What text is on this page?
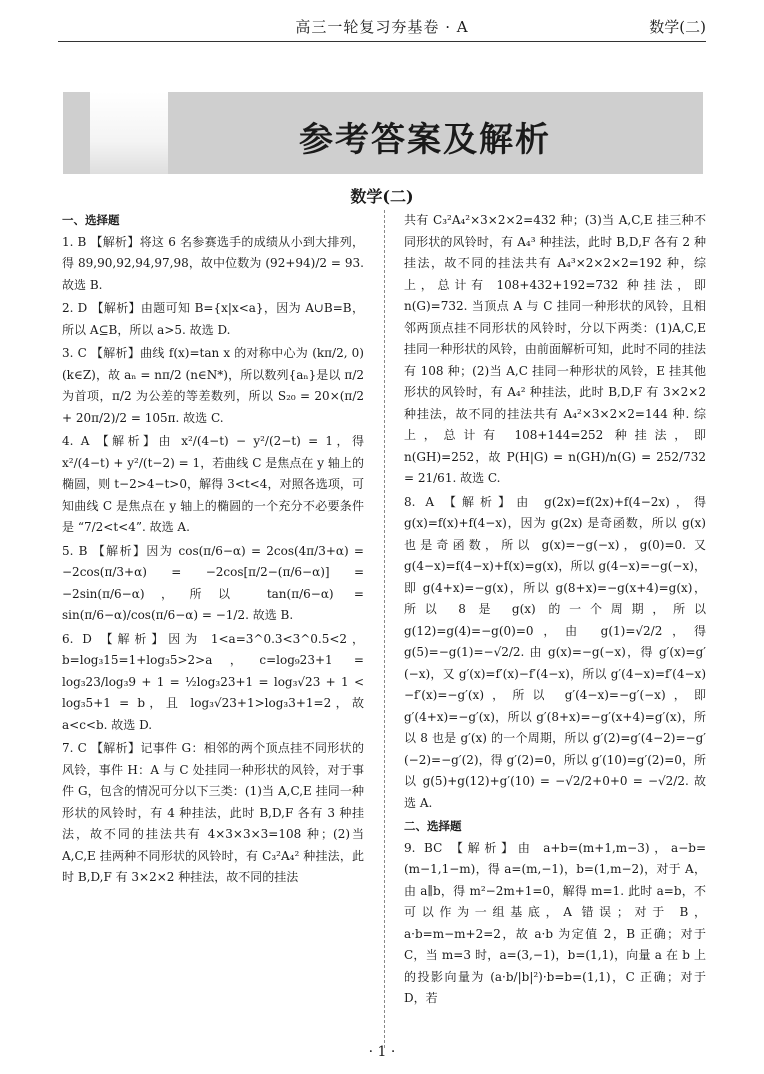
高三一轮复习夯基卷 · A	数学(二)
参考答案及解析
数学(二)

一、选择题

1. B 【解析】将这 6 名参赛选手的成绩从小到大排列，得 89,90,92,94,97,98，故中位数为 (92+94)/2 = 93. 故选 B.

2. D 【解析】由题可知 B={x|x<a}，因为 A∪B=B，所以 A⊆B，所以 a>5. 故选 D.

3. C 【解析】曲线 f(x)=tan x 的对称中心为 (kπ/2, 0)(k∈Z)，故 aₙ = nπ/2 (n∈N*)，所以数列{aₙ}是以 π/2 为首项，π/2 为公差的等差数列，所以 S₂₀ = 20×(π/2 + 20π/2)/2 = 105π. 故选 C.

4. A 【解析】由 x²/(4−t) − y²/(2−t) = 1，得 x²/(4−t) + y²/(t−2) = 1，若曲线 C 是焦点在 y 轴上的椭圆，则 t−2>4−t>0，解得 3<t<4，对照各选项，可知曲线 C 是焦点在 y 轴上的椭圆的一个充分不必要条件是 “7/2<t<4”. 故选 A.

5. B 【解析】因为 cos(π/6−α) = 2cos(4π/3+α) = −2cos(π/3+α) = −2cos[π/2−(π/6−α)] = −2sin(π/6−α)，所以 tan(π/6−α) = sin(π/6−α)/cos(π/6−α) = −1/2. 故选 B.

6. D 【解析】因为 1<a=3^0.3<3^0.5<2，b=log₃15=1+log₃5>2>a，c=log₉23+1 = log₃23/log₃9 + 1 = ½log₃23+1 = log₃√23 + 1 < log₃5+1 = b，且 log₃√23+1>log₃3+1=2，故 a<c<b. 故选 D.

7. C 【解析】记事件 G：相邻的两个顶点挂不同形状的风铃，事件 H：A 与 C 处挂同一种形状的风铃，对于事件 G，包含的情况可分以下三类：(1)当 A,C,E 挂同一种形状的风铃时，有 4 种挂法，此时 B,D,F 各有 3 种挂法，故不同的挂法共有 4×3×3×3=108 种；(2)当 A,C,E 挂两种不同形状的风铃时，有 C₃²A₄² 种挂法，此时 B,D,F 有 3×2×2 种挂法，故不同的挂法

共有 C₃²A₄²×3×2×2=432 种；(3)当 A,C,E 挂三种不同形状的风铃时，有 A₄³ 种挂法，此时 B,D,F 各有 2 种挂法，故不同的挂法共有 A₄³×2×2×2=192 种，综上，总计有 108+432+192=732 种挂法，即 n(G)=732. 当顶点 A 与 C 挂同一种形状的风铃，且相邻两顶点挂不同形状的风铃时，分以下两类：(1)A,C,E 挂同一种形状的风铃，由前面解析可知，此时不同的挂法有 108 种；(2)当 A,C 挂同一种形状的风铃，E 挂其他形状的风铃时，有 A₄² 种挂法，此时 B,D,F 有 3×2×2 种挂法，故不同的挂法共有 A₄²×3×2×2=144 种. 综上，总计有 108+144=252 种挂法，即 n(GH)=252，故 P(H|G) = n(GH)/n(G) = 252/732 = 21/61. 故选 C.

8. A 【解析】由 g(2x)=f(2x)+f(4−2x)，得 g(x)=f(x)+f(4−x)，因为 g(2x) 是奇函数，所以 g(x) 也是奇函数，所以 g(x)=−g(−x)，g(0)=0. 又 g(4−x)=f(4−x)+f(x)=g(x)，所以 g(4−x)=−g(−x)，即 g(4+x)=−g(x)，所以 g(8+x)=−g(x+4)=g(x)，所以 8 是 g(x) 的一个周期，所以 g(12)=g(4)=−g(0)=0，由 g(1)=√2/2，得 g(5)=−g(1)=−√2/2. 由 g(x)=−g(−x)，得 g′(x)=g′(−x)，又 g′(x)=f′(x)−f′(4−x)，所以 g′(4−x)=f′(4−x)−f′(x)=−g′(x)，所以 g′(4−x)=−g′(−x)，即 g′(4+x)=−g′(x)，所以 g′(8+x)=−g′(x+4)=g′(x)，所以 8 也是 g′(x) 的一个周期，所以 g′(2)=g′(4−2)=−g′(−2)=−g′(2)，得 g′(2)=0，所以 g′(10)=g′(2)=0，所以 g(5)+g(12)+g′(10) = −√2/2+0+0 = −√2/2. 故选 A.

二、选择题

9. BC 【解析】由 a+b=(m+1,m−3)，a−b=(m−1,1−m)，得 a=(m,−1)，b=(1,m−2)，对于 A，由 a∥b，得 m²−2m+1=0，解得 m=1. 此时 a=b，不可以作为一组基底，A 错误；对于 B，a·b=m−m+2=2，故 a·b 为定值 2，B 正确；对于 C，当 m=3 时，a=(3,−1)，b=(1,1)，向量 a 在 b 上的投影向量为 (a·b/|b|²)·b=b=(1,1)，C 正确；对于 D，若

· 1 ·
